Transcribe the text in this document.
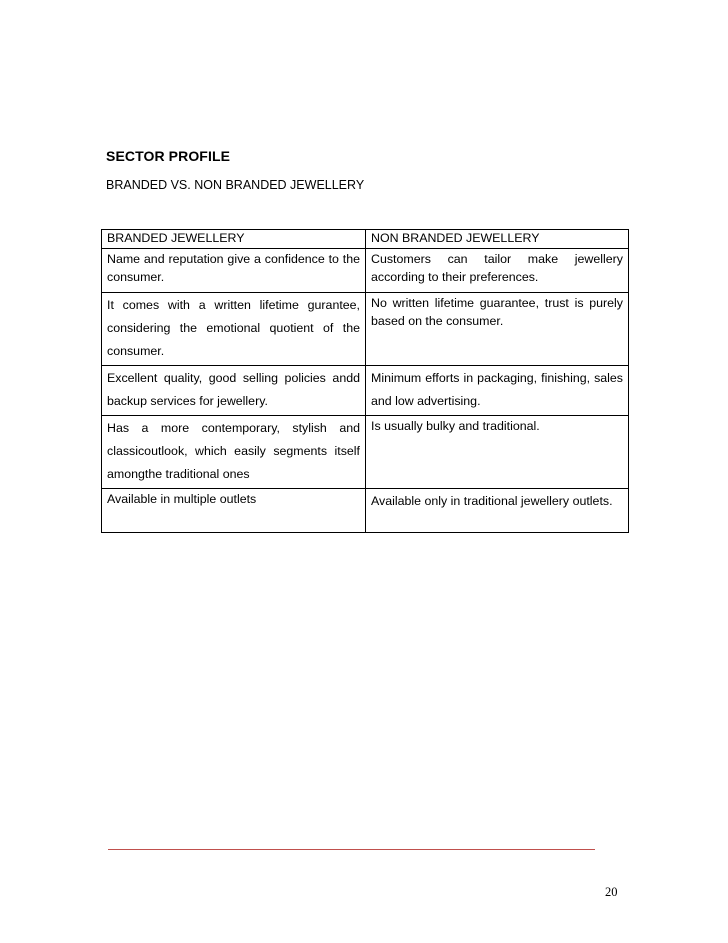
SECTOR PROFILE
BRANDED VS. NON BRANDED JEWELLERY
BRANDED JEWELLERY	NON BRANDED JEWELLERY
Name and reputation give a confidence to the consumer.	Customers can tailor make jewellery according to their preferences.
It comes with a written lifetime gurantee, considering the emotional quotient of the consumer.	No written lifetime guarantee, trust is purely based on the consumer.
Excellent quality, good selling policies andd backup services for jewellery.	Minimum efforts in packaging, finishing, sales and low advertising.
Has a more contemporary, stylish and classicoutlook, which easily segments itself amongthe traditional ones	Is usually bulky and traditional.
Available in multiple outlets	Available only in traditional jewellery outlets.
20
